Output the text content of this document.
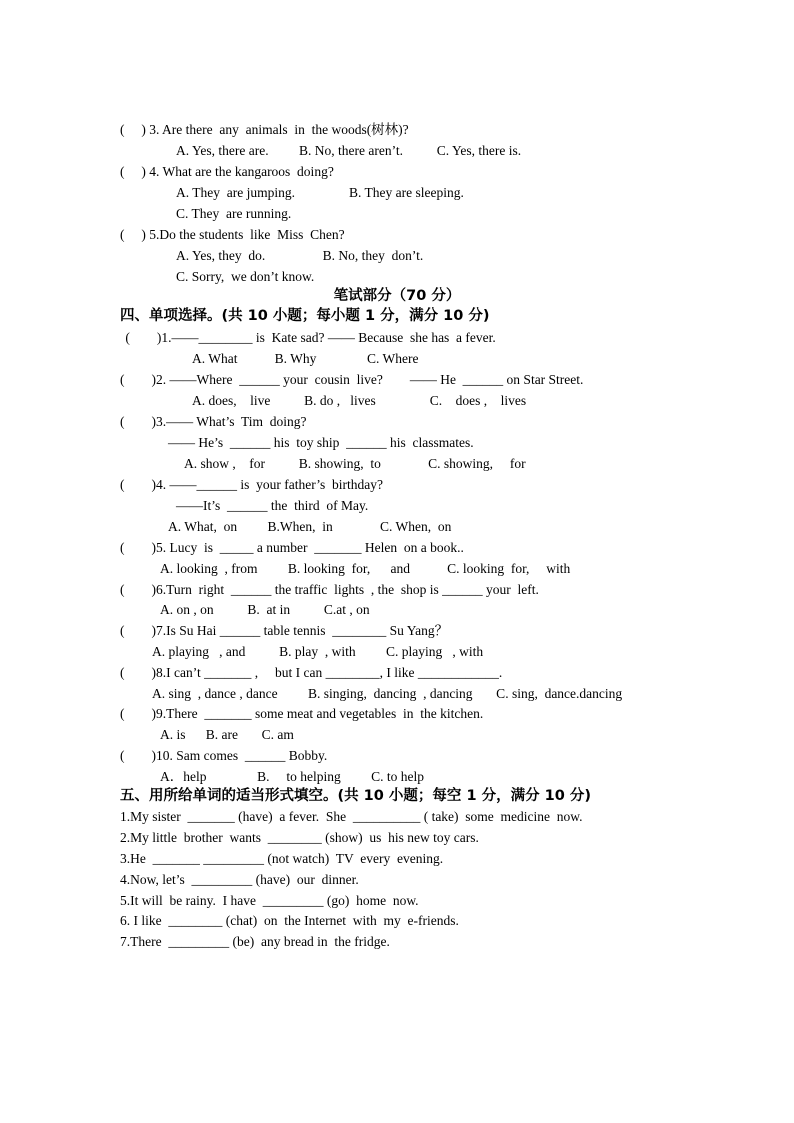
(     ) 3. Are there  any  animals  in  the woods(树林)?
A. Yes, there are.         B. No, there aren’t.          C. Yes, there is.
(     ) 4. What are the kangaroos  doing?
A. They  are jumping.                B. They are sleeping.
C. They  are running.
(     ) 5.Do the students  like  Miss  Chen?
A. Yes, they  do.                 B. No, they  don’t.
C. Sorry,  we don’t know.
笔试部分（70 分）
四、单项选择。(共 10 小题；每小题 1 分，满分 10 分)
(        )1.——________ is  Kate sad? —— Because  she has  a fever.
A. What           B. Why               C. Where
(        )2. ——Where  ______ your  cousin  live?        —— He  ______ on Star Street.
A. does,    live          B. do ,   lives                C.    does ,    lives
(        )3.—— What’s  Tim  doing?
—— He’s  ______ his  toy ship  ______ his  classmates.
A. show ,    for          B. showing,  to              C. showing,     for
(        )4. ——______ is  your father’s  birthday?
——It’s  ______ the  third  of May.
A. What,  on         B.When,  in              C. When,  on
(        )5. Lucy  is  _____ a number  _______ Helen  on a book..
A. looking  , from         B. looking  for,      and           C. looking  for,     with
(        )6.Turn  right  ______ the traffic  lights  , the  shop is ______ your  left.
A. on , on          B.  at in          C.at , on
(        )7.Is Su Hai ______ table tennis  ________ Su Yang？
A. playing   , and          B. play  , with         C. playing   , with
(        )8.I can’t _______ ,     but I can ________, I like ____________.
A. sing  , dance , dance         B. singing,  dancing  , dancing       C. sing,  dance.dancing
(        )9.There  _______ some meat and vegetables  in  the kitchen.
A. is      B. are       C. am
(        )10. Sam comes  ______ Bobby.
A．help               B.     to helping         C. to help
五、用所给单词的适当形式填空。(共 10 小题；每空 1 分，满分 10 分)
1.My sister  _______ (have)  a fever.  She  __________ ( take)  some  medicine  now.
2.My little  brother  wants  ________ (show)  us  his new toy cars.
3.He  _______ _________ (not watch)  TV  every  evening.
4.Now, let’s  _________ (have)  our  dinner.
5.It will  be rainy.  I have  _________ (go)  home  now.
6. I like  ________ (chat)  on  the Internet  with  my  e-friends.
7.There  _________ (be)  any bread in  the fridge.
